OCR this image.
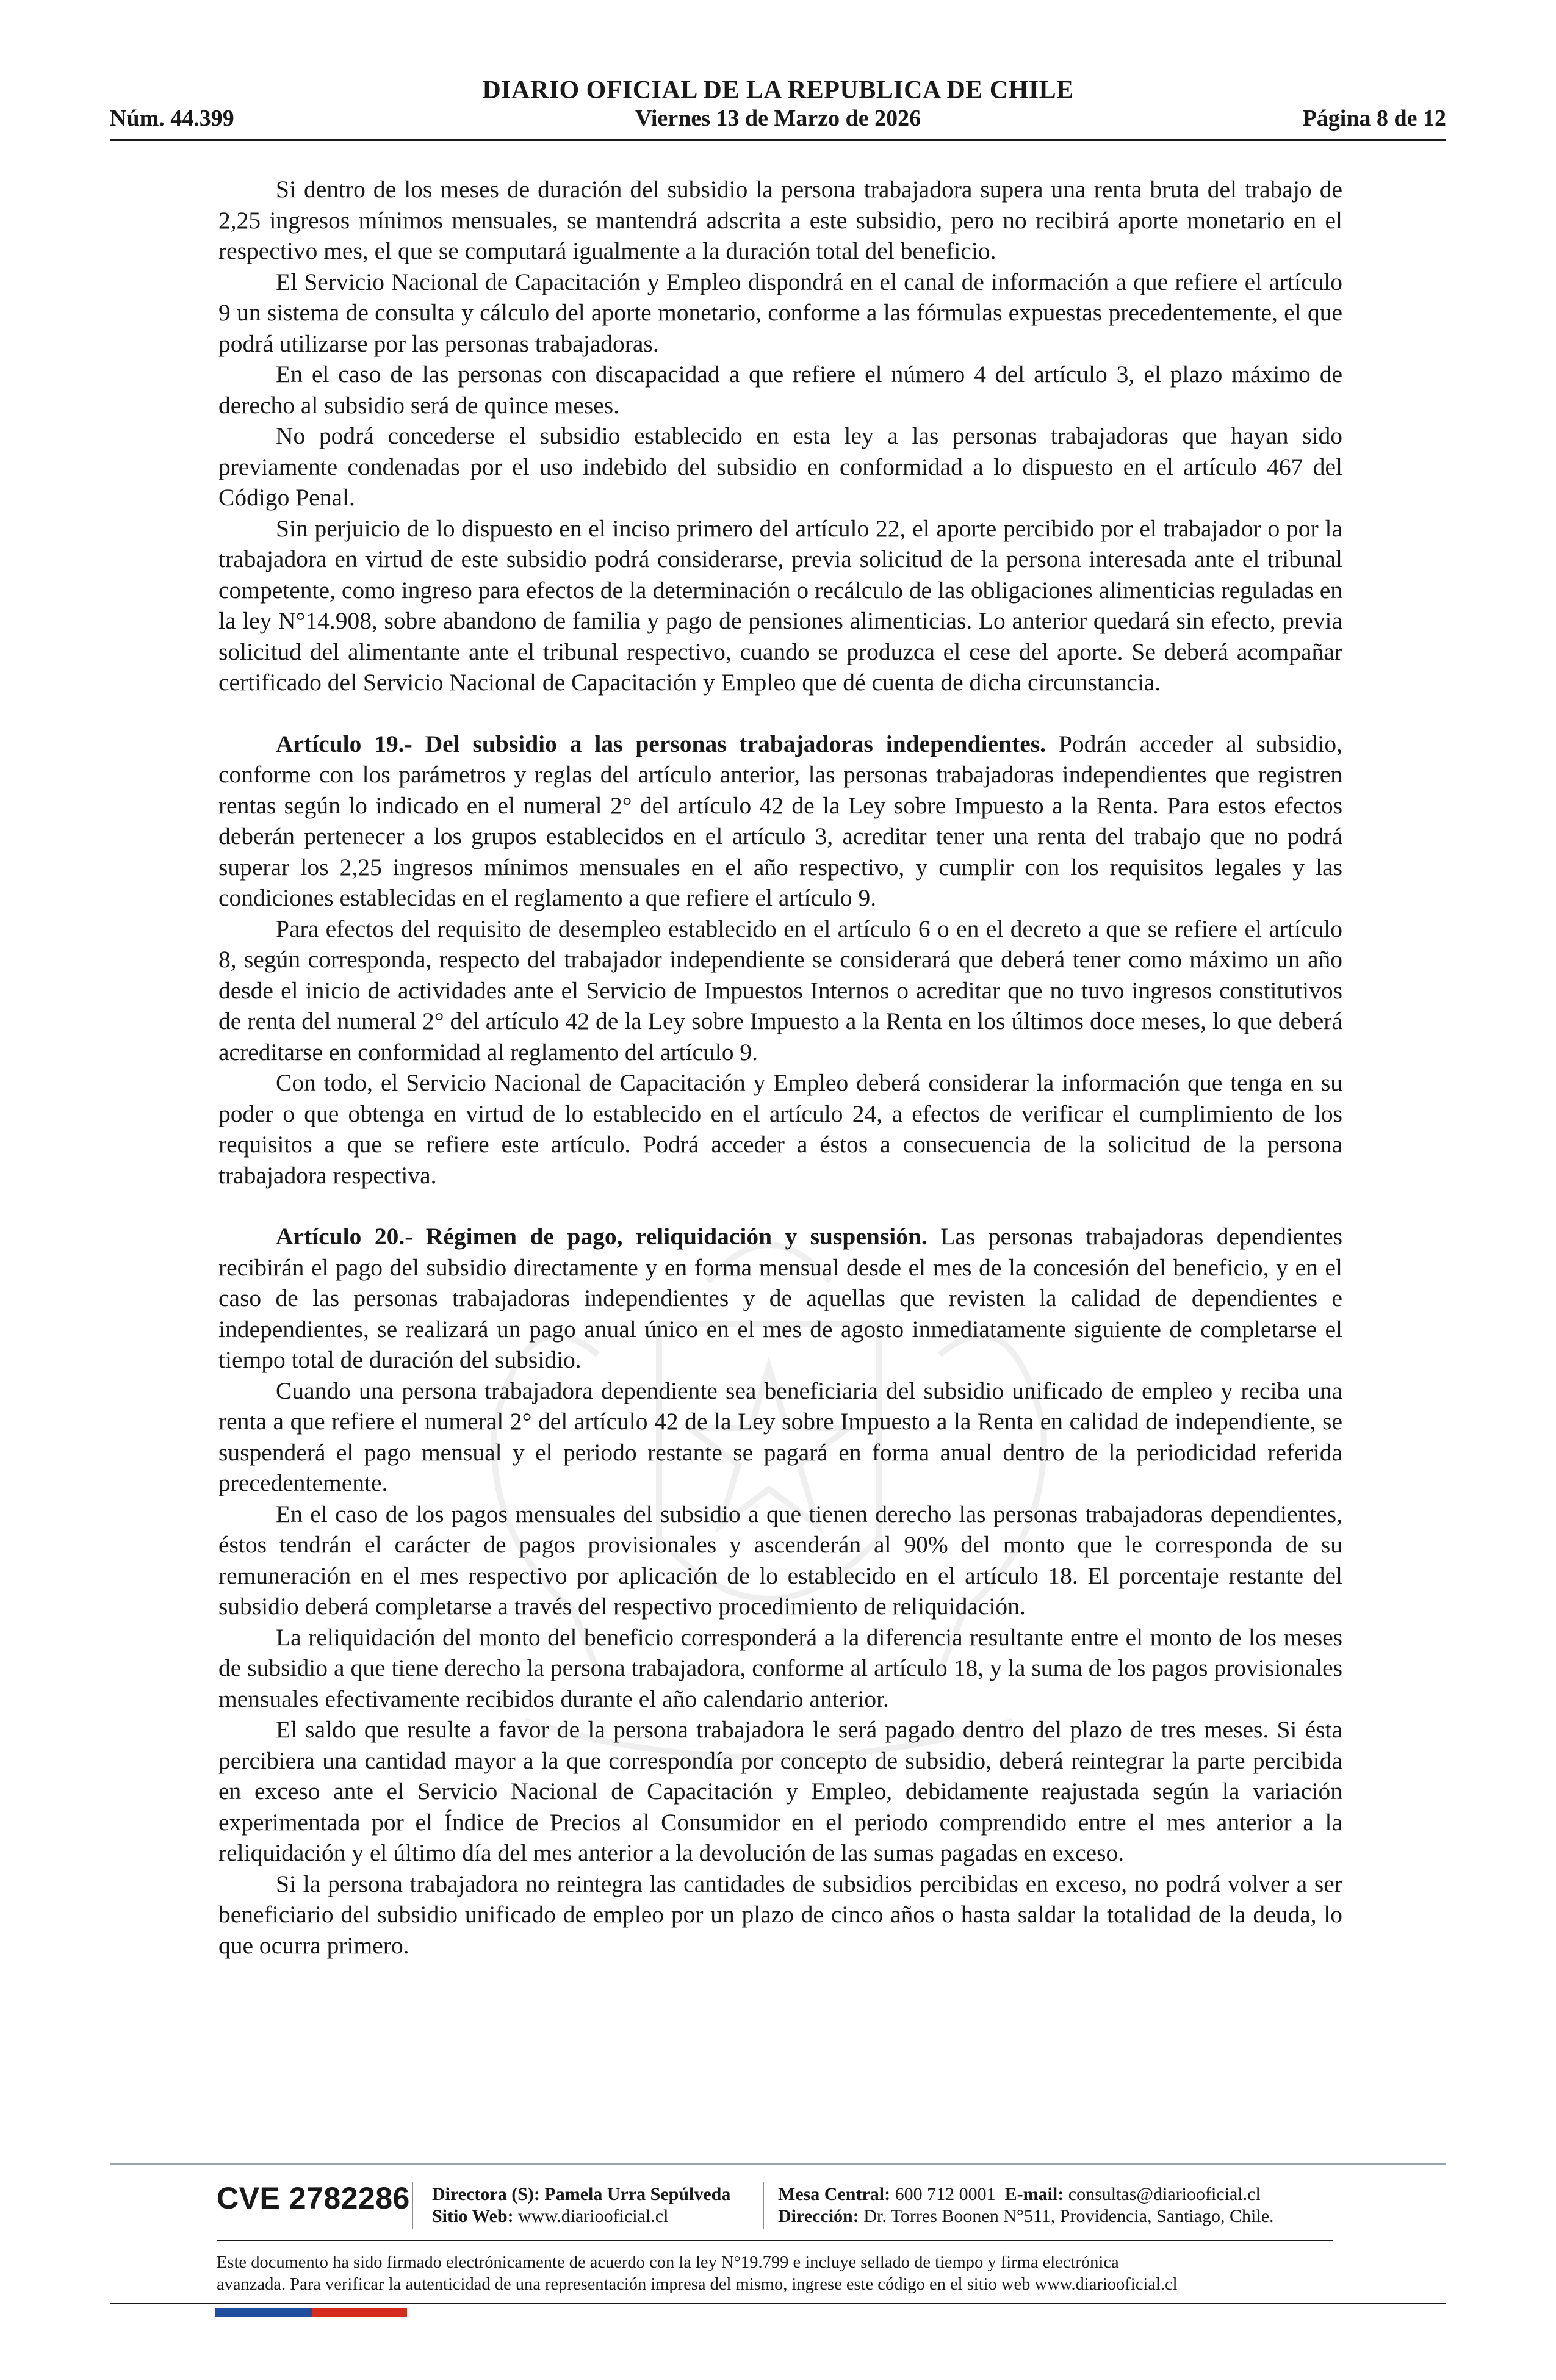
DIARIO OFICIAL DE LA REPUBLICA DE CHILE
Núm. 44.399	Viernes 13 de Marzo de 2026	Página 8 de 12

Si dentro de los meses de duración del subsidio la persona trabajadora supera una renta bruta del trabajo de 2,25 ingresos mínimos mensuales, se mantendrá adscrita a este subsidio, pero no recibirá aporte monetario en el respectivo mes, el que se computará igualmente a la duración total del beneficio.

El Servicio Nacional de Capacitación y Empleo dispondrá en el canal de información a que refiere el artículo 9 un sistema de consulta y cálculo del aporte monetario, conforme a las fórmulas expuestas precedentemente, el que podrá utilizarse por las personas trabajadoras.

En el caso de las personas con discapacidad a que refiere el número 4 del artículo 3, el plazo máximo de derecho al subsidio será de quince meses.

No podrá concederse el subsidio establecido en esta ley a las personas trabajadoras que hayan sido previamente condenadas por el uso indebido del subsidio en conformidad a lo dispuesto en el artículo 467 del Código Penal.

Sin perjuicio de lo dispuesto en el inciso primero del artículo 22, el aporte percibido por el trabajador o por la trabajadora en virtud de este subsidio podrá considerarse, previa solicitud de la persona interesada ante el tribunal competente, como ingreso para efectos de la determinación o recálculo de las obligaciones alimenticias reguladas en la ley N°14.908, sobre abandono de familia y pago de pensiones alimenticias. Lo anterior quedará sin efecto, previa solicitud del alimentante ante el tribunal respectivo, cuando se produzca el cese del aporte. Se deberá acompañar certificado del Servicio Nacional de Capacitación y Empleo que dé cuenta de dicha circunstancia.

Artículo 19.- Del subsidio a las personas trabajadoras independientes. Podrán acceder al subsidio, conforme con los parámetros y reglas del artículo anterior, las personas trabajadoras independientes que registren rentas según lo indicado en el numeral 2° del artículo 42 de la Ley sobre Impuesto a la Renta. Para estos efectos deberán pertenecer a los grupos establecidos en el artículo 3, acreditar tener una renta del trabajo que no podrá superar los 2,25 ingresos mínimos mensuales en el año respectivo, y cumplir con los requisitos legales y las condiciones establecidas en el reglamento a que refiere el artículo 9.

Para efectos del requisito de desempleo establecido en el artículo 6 o en el decreto a que se refiere el artículo 8, según corresponda, respecto del trabajador independiente se considerará que deberá tener como máximo un año desde el inicio de actividades ante el Servicio de Impuestos Internos o acreditar que no tuvo ingresos constitutivos de renta del numeral 2° del artículo 42 de la Ley sobre Impuesto a la Renta en los últimos doce meses, lo que deberá acreditarse en conformidad al reglamento del artículo 9.

Con todo, el Servicio Nacional de Capacitación y Empleo deberá considerar la información que tenga en su poder o que obtenga en virtud de lo establecido en el artículo 24, a efectos de verificar el cumplimiento de los requisitos a que se refiere este artículo. Podrá acceder a éstos a consecuencia de la solicitud de la persona trabajadora respectiva.

Artículo 20.- Régimen de pago, reliquidación y suspensión. Las personas trabajadoras dependientes recibirán el pago del subsidio directamente y en forma mensual desde el mes de la concesión del beneficio, y en el caso de las personas trabajadoras independientes y de aquellas que revisten la calidad de dependientes e independientes, se realizará un pago anual único en el mes de agosto inmediatamente siguiente de completarse el tiempo total de duración del subsidio.

Cuando una persona trabajadora dependiente sea beneficiaria del subsidio unificado de empleo y reciba una renta a que refiere el numeral 2° del artículo 42 de la Ley sobre Impuesto a la Renta en calidad de independiente, se suspenderá el pago mensual y el periodo restante se pagará en forma anual dentro de la periodicidad referida precedentemente.

En el caso de los pagos mensuales del subsidio a que tienen derecho las personas trabajadoras dependientes, éstos tendrán el carácter de pagos provisionales y ascenderán al 90% del monto que le corresponda de su remuneración en el mes respectivo por aplicación de lo establecido en el artículo 18. El porcentaje restante del subsidio deberá completarse a través del respectivo procedimiento de reliquidación.

La reliquidación del monto del beneficio corresponderá a la diferencia resultante entre el monto de los meses de subsidio a que tiene derecho la persona trabajadora, conforme al artículo 18, y la suma de los pagos provisionales mensuales efectivamente recibidos durante el año calendario anterior.

El saldo que resulte a favor de la persona trabajadora le será pagado dentro del plazo de tres meses. Si ésta percibiera una cantidad mayor a la que correspondía por concepto de subsidio, deberá reintegrar la parte percibida en exceso ante el Servicio Nacional de Capacitación y Empleo, debidamente reajustada según la variación experimentada por el Índice de Precios al Consumidor en el periodo comprendido entre el mes anterior a la reliquidación y el último día del mes anterior a la devolución de las sumas pagadas en exceso.

Si la persona trabajadora no reintegra las cantidades de subsidios percibidas en exceso, no podrá volver a ser beneficiario del subsidio unificado de empleo por un plazo de cinco años o hasta saldar la totalidad de la deuda, lo que ocurra primero.

CVE 2782286 Directora (S): Pamela Urra Sepúlveda
Sitio Web: www.diariooficial.cl
Mesa Central: 600 712 0001 E-mail: consultas@diariooficial.cl
Dirección: Dr. Torres Boonen N°511, Providencia, Santiago, Chile.
Este documento ha sido firmado electrónicamente de acuerdo con la ley N°19.799 e incluye sellado de tiempo y firma electrónica
avanzada. Para verificar la autenticidad de una representación impresa del mismo, ingrese este código en el sitio web www.diariooficial.cl
